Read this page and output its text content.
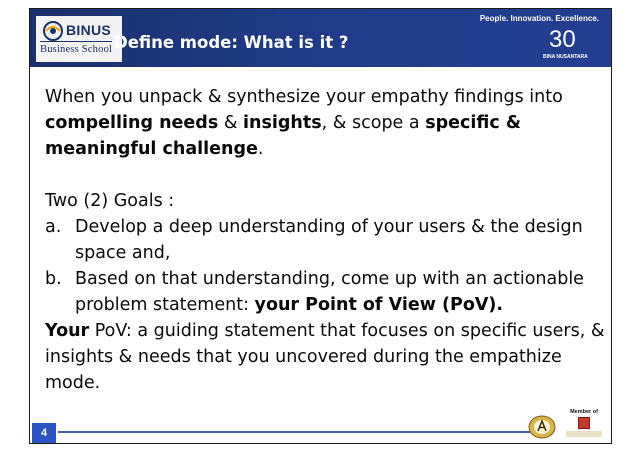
BINUS
Business School Define mode: What is it ?
People. Innovation. Excellence.
30
BINA NUSANTARA

When you unpack & synthesize your empathy findings into compelling needs & insights, & scope a specific & meaningful challenge.

Two (2) Goals :

a. Develop a deep understanding of your users & the design space and,
b. Based on that understanding, come up with an actionable problem statement: your Point of View (PoV).

Your PoV: a guiding statement that focuses on specific users, & insights & needs that you uncovered during the empathize mode.

4
Member of
